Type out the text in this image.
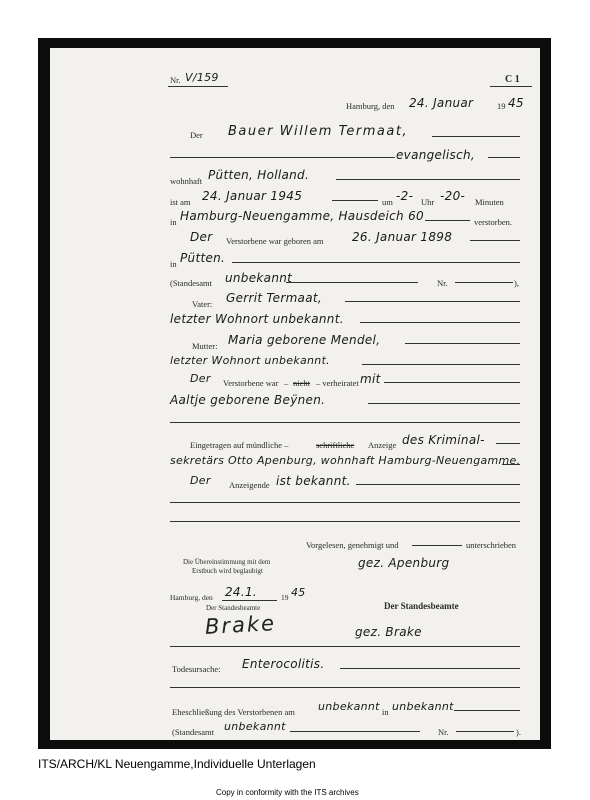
Nr. V/159	C 1
Hamburg, den 24. Januar	19 45
Der Bauer Willem Termaat,
evangelisch,
wohnhaft Pütten, Holland.
ist am 24. Januar 1945	um -2- Uhr -20- Minuten
in Hamburg-Neuengamme, Hausdeich 60	verstorben.
Der Verstorbene war geboren am 26. Januar 1898
in Pütten.
(Standesamt unbekannt	Nr.	),
Vater: Gerrit Termaat,
letzter Wohnort unbekannt.
Mutter: Maria geborene Mendel,
letzter Wohnort unbekannt.
Der Verstorbene war – nicht – verheiratet mit
Aaltje geborene Beÿnen.
Eingetragen auf mündliche –	schriftliche Anzeige des Kriminal-
sekretärs Otto Apenburg, wohnhaft Hamburg-Neuengamme.
Der Anzeigende ist bekannt.
Vorgelesen, genehmigt und	unterschrieben
gez. Apenburg
Die Übereinstimmung mit dem
Erstbuch wird beglaubigt
Hamburg, den 24.1.	19 45
Der Standesbeamte	Der Standesbeamte
Brake	gez. Brake
Todesursache: Enterocolitis.
Eheschließung des Verstorbenen am unbekannt in unbekannt
(Standesamt unbekannt	Nr.	).
ITS/ARCH/KL Neuengamme,Individuelle Unterlagen
Copy in conformity with the ITS archives
